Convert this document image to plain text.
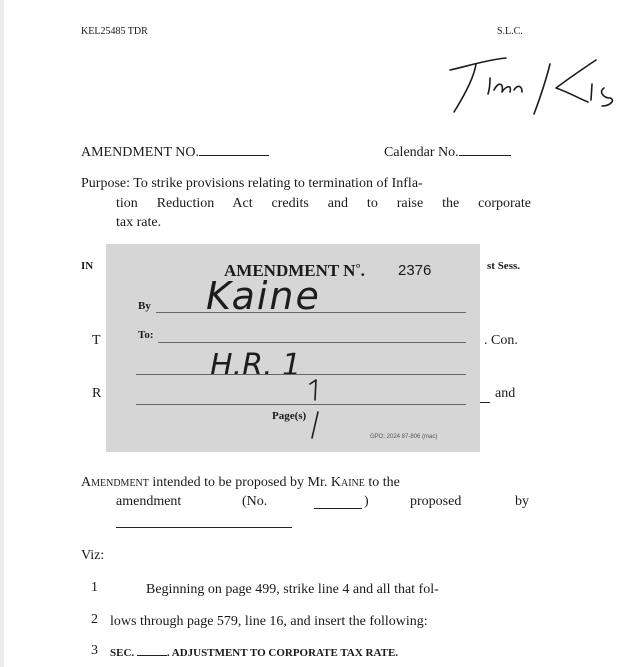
KEL25485 TDR	S.L.C.
AMENDMENT NO.	Calendar No.
Purpose: To strike provisions relating to termination of Infla-
tion Reduction Act credits and to raise the corporate
tax rate.
IN	st Sess.
T	. Con.
R	and
AMENDMENT N°. 2376
By Kaine
To:
H.R. 1
Page(s)
GPO: 2024 87-806 (mac)
Amendment intended to be proposed by Mr. Kaine to the
amendment	(No.	)	proposed	by
Viz:
1	Beginning on page 499, strike line 4 and all that fol-
2 lows through page 579, line 16, and insert the following:
3 SEC.	. ADJUSTMENT TO CORPORATE TAX RATE.
